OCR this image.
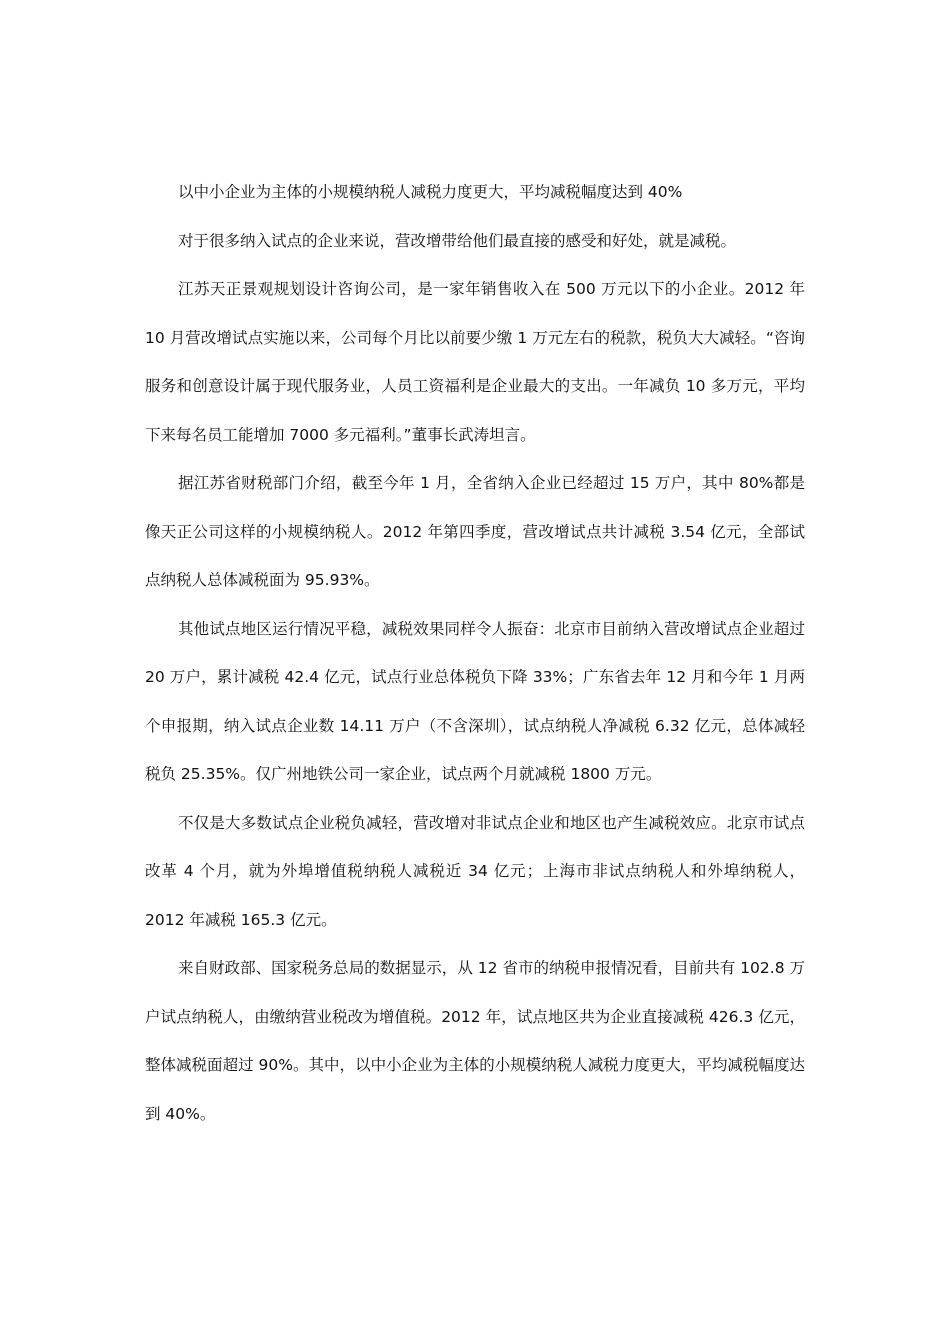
以中小企业为主体的小规模纳税人减税力度更大，平均减税幅度达到 40%

对于很多纳入试点的企业来说，营改增带给他们最直接的感受和好处，就是减税。

江苏天正景观规划设计咨询公司，是一家年销售收入在 500 万元以下的小企业。2012 年 10 月营改增试点实施以来，公司每个月比以前要少缴 1 万元左右的税款，税负大大减轻。“咨询服务和创意设计属于现代服务业，人员工资福利是企业最大的支出。一年减负 10 多万元，平均下来每名员工能增加 7000 多元福利。”董事长武涛坦言。

据江苏省财税部门介绍，截至今年 1 月，全省纳入企业已经超过 15 万户，其中 80%都是像天正公司这样的小规模纳税人。2012 年第四季度，营改增试点共计减税 3.54 亿元，全部试点纳税人总体减税面为 95.93%。

其他试点地区运行情况平稳，减税效果同样令人振奋：北京市目前纳入营改增试点企业超过 20 万户，累计减税 42.4 亿元，试点行业总体税负下降 33%；广东省去年 12 月和今年 1 月两个申报期，纳入试点企业数 14.11 万户（不含深圳），试点纳税人净减税 6.32 亿元，总体减轻税负 25.35%。仅广州地铁公司一家企业，试点两个月就减税 1800 万元。

不仅是大多数试点企业税负减轻，营改增对非试点企业和地区也产生减税效应。北京市试点改革 4 个月，就为外埠增值税纳税人减税近 34 亿元；上海市非试点纳税人和外埠纳税人，2012 年减税 165.3 亿元。

来自财政部、国家税务总局的数据显示，从 12 省市的纳税申报情况看，目前共有 102.8 万户试点纳税人，由缴纳营业税改为增值税。2012 年，试点地区共为企业直接减税 426.3 亿元，整体减税面超过 90%。其中，以中小企业为主体的小规模纳税人减税力度更大，平均减税幅度达到 40%。
